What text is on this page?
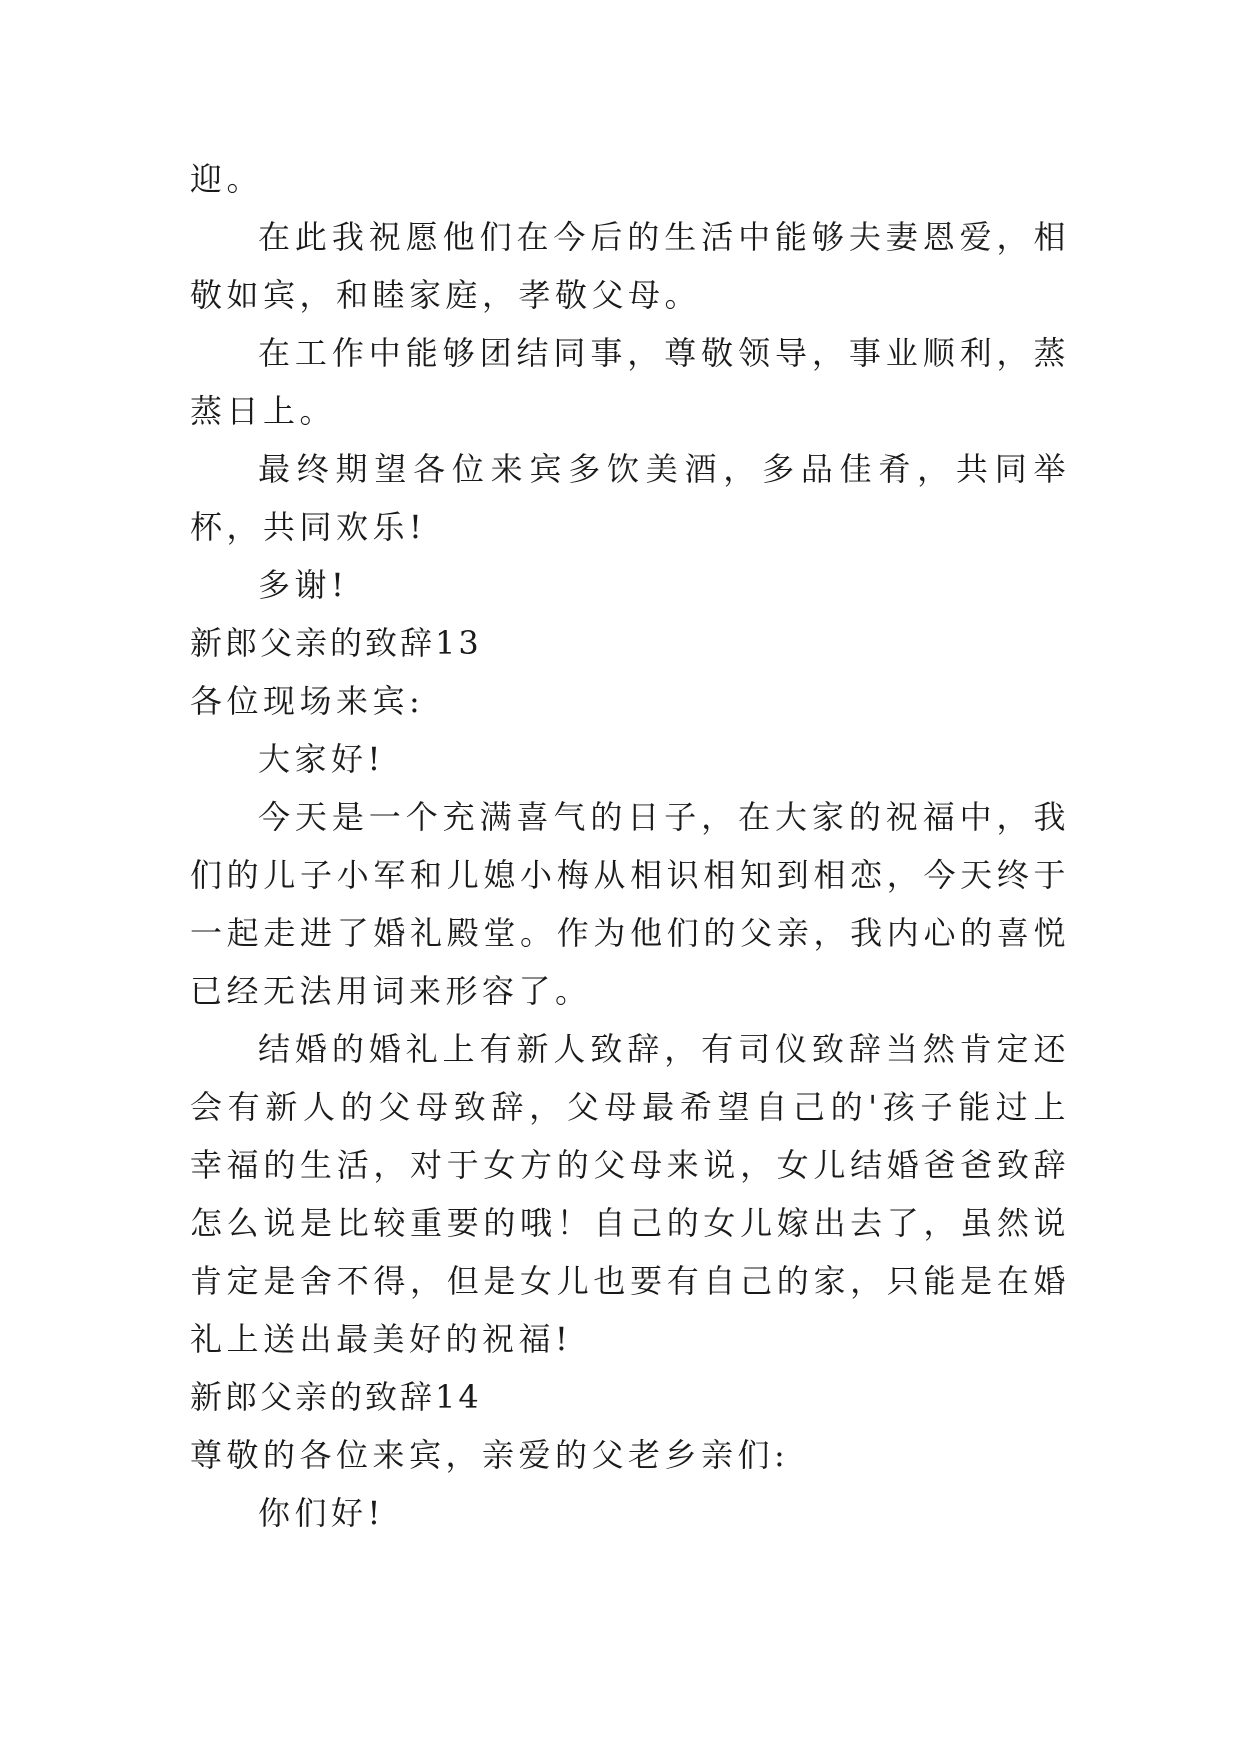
迎。

在此我祝愿他们在今后的生活中能够夫妻恩爱，相敬如宾，和睦家庭，孝敬父母。

在工作中能够团结同事，尊敬领导，事业顺利，蒸蒸日上。

最终期望各位来宾多饮美酒，多品佳肴，共同举杯，共同欢乐!

多谢!

新郎父亲的致辞13

各位现场来宾:

大家好!

今天是一个充满喜气的日子，在大家的祝福中，我们的儿子小军和儿媳小梅从相识相知到相恋，今天终于一起走进了婚礼殿堂。作为他们的父亲，我内心的喜悦已经无法用词来形容了。

结婚的婚礼上有新人致辞，有司仪致辞当然肯定还会有新人的父母致辞，父母最希望自己的'孩子能过上幸福的生活，对于女方的父母来说，女儿结婚爸爸致辞怎么说是比较重要的哦！自己的女儿嫁出去了，虽然说肯定是舍不得，但是女儿也要有自己的家，只能是在婚礼上送出最美好的祝福!

新郎父亲的致辞14

尊敬的各位来宾，亲爱的父老乡亲们:

你们好!
